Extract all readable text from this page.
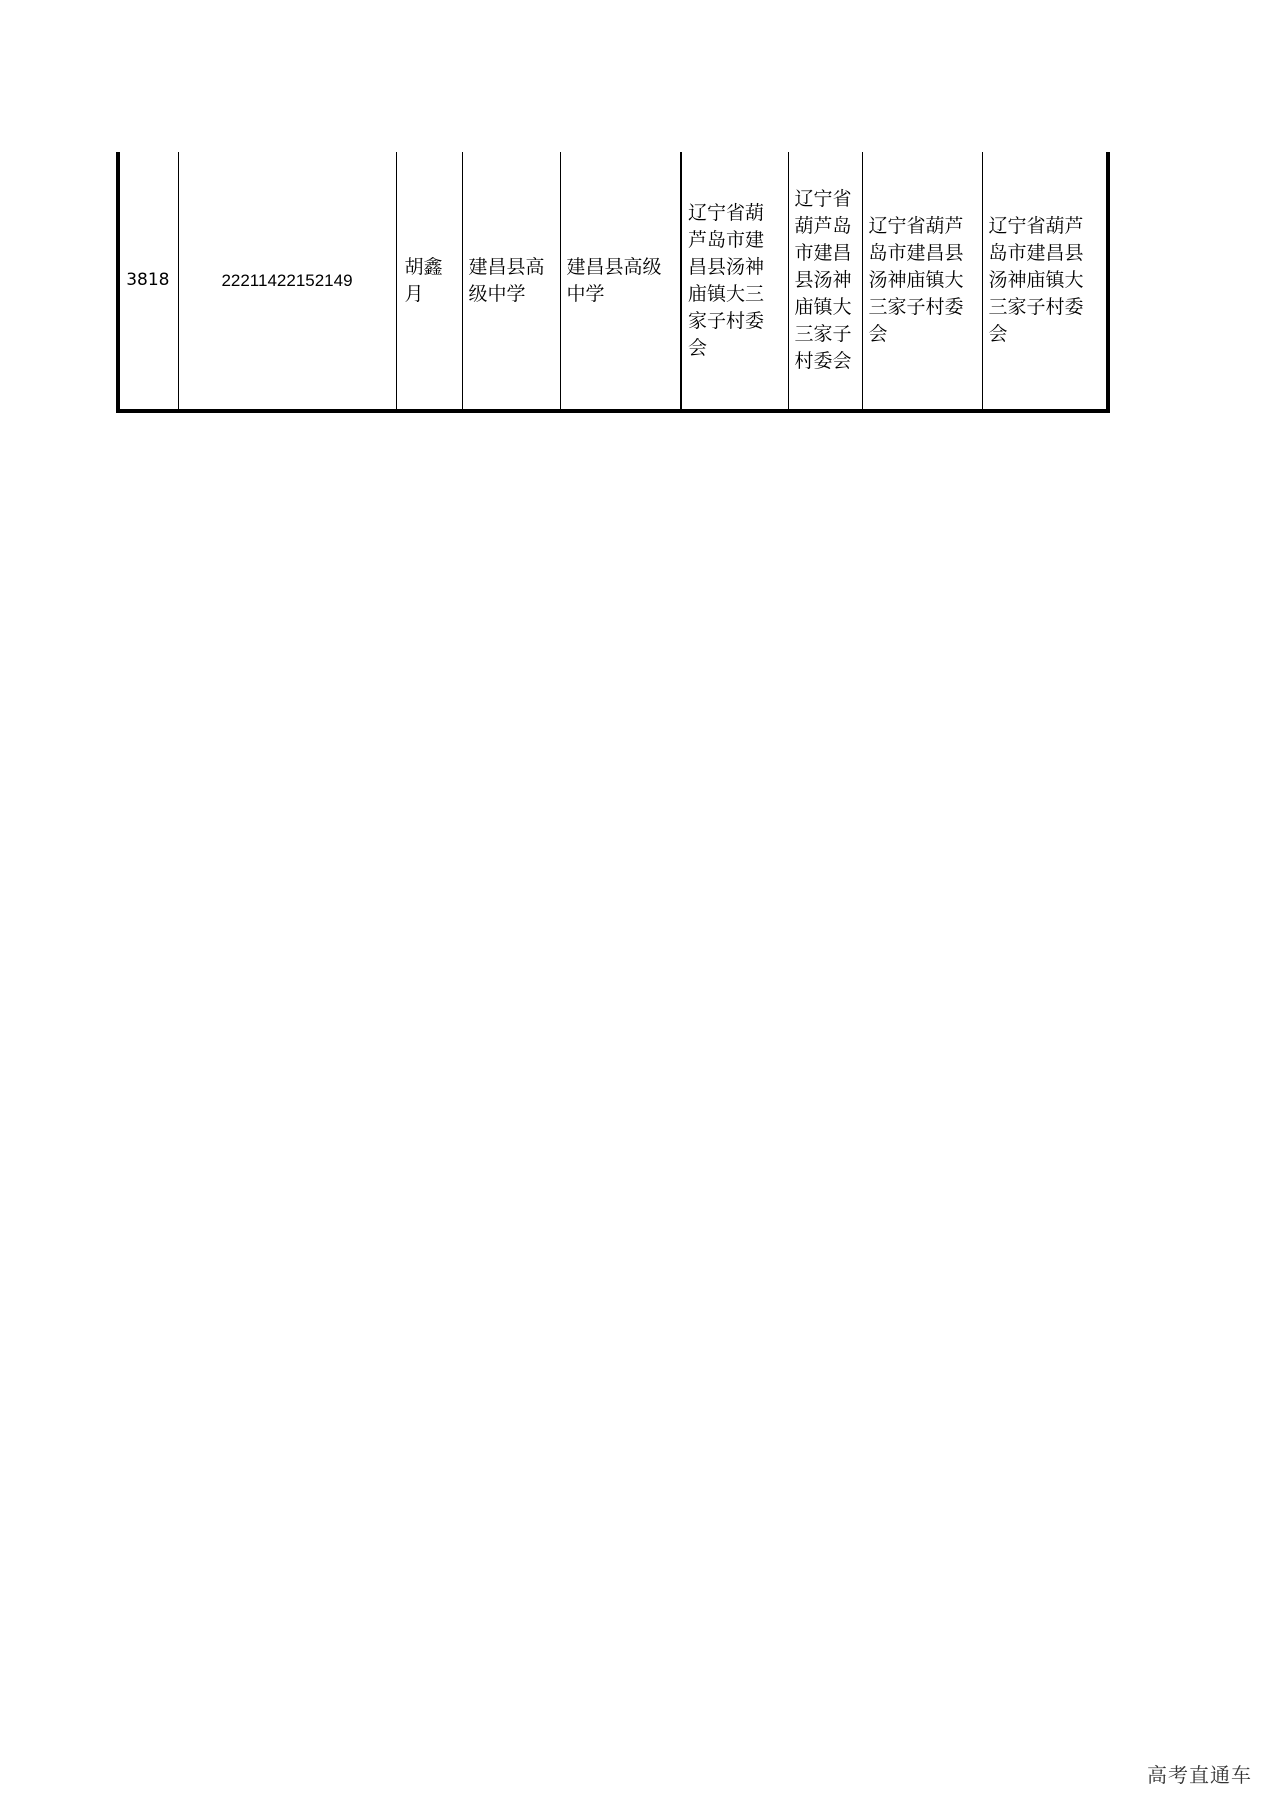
3818	22211422152149	胡鑫月	建昌县高级中学	建昌县高级中学	辽宁省葫芦岛市建昌县汤神庙镇大三家子村委会	辽宁省葫芦岛市建昌县汤神庙镇大三家子村委会	辽宁省葫芦岛市建昌县汤神庙镇大三家子村委会	辽宁省葫芦岛市建昌县汤神庙镇大三家子村委会
高考直通车
